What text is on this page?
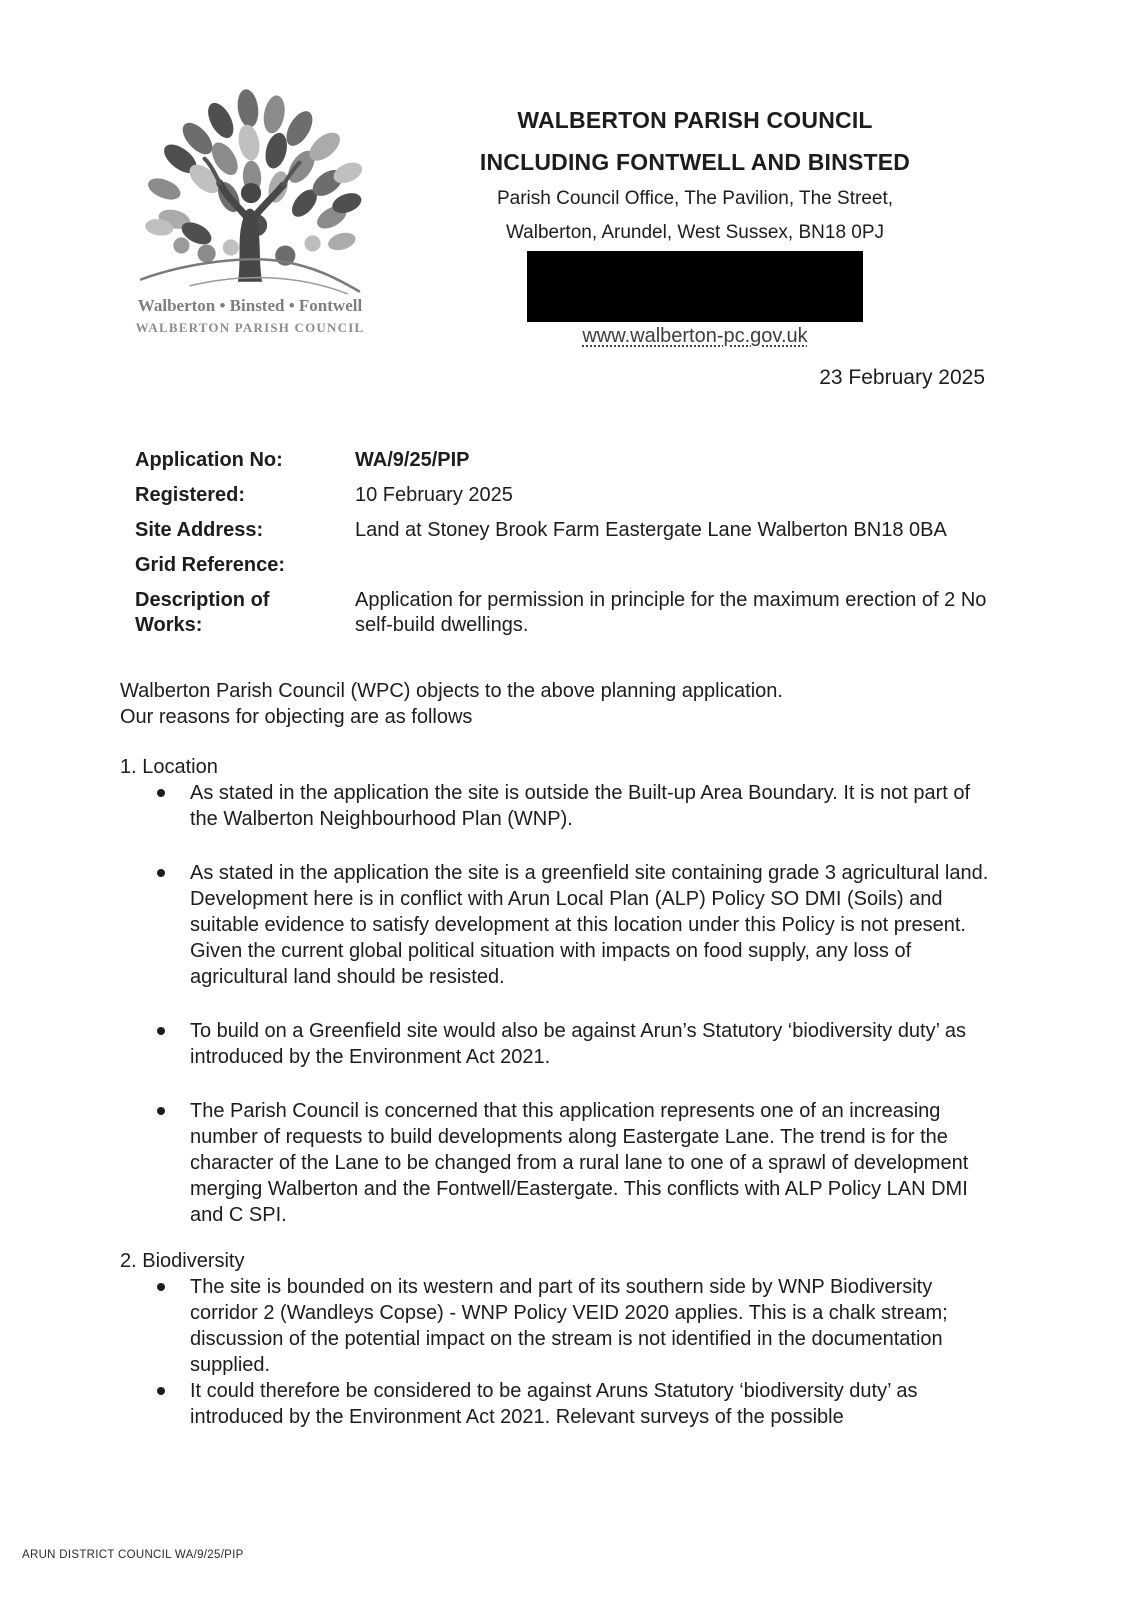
Walberton • Binsted • Fontwell
WALBERTON PARISH COUNCIL
WALBERTON PARISH COUNCIL
INCLUDING FONTWELL AND BINSTED
Parish Council Office, The Pavilion, The Street,
Walberton, Arundel, West Sussex, BN18 0PJ
www.walberton-pc.gov.uk
23 February 2025
Application No:	WA/9/25/PIP
Registered:	10 February 2025
Site Address:	Land at Stoney Brook Farm Eastergate Lane Walberton BN18 0BA
Grid Reference:
Description of Works:
Application for permission in principle for the maximum erection of 2 No self-build dwellings.
Walberton Parish Council (WPC) objects to the above planning application.
Our reasons for objecting are as follows
1. Location
As stated in the application the site is outside the Built-up Area Boundary. It is not part of the Walberton Neighbourhood Plan (WNP).
As stated in the application the site is a greenfield site containing grade 3 agricultural land. Development here is in conflict with Arun Local Plan (ALP) Policy SO DMI (Soils) and suitable evidence to satisfy development at this location under this Policy is not present. Given the current global political situation with impacts on food supply, any loss of agricultural land should be resisted.
To build on a Greenfield site would also be against Arun’s Statutory ‘biodiversity duty’ as introduced by the Environment Act 2021.
The Parish Council is concerned that this application represents one of an increasing number of requests to build developments along Eastergate Lane. The trend is for the character of the Lane to be changed from a rural lane to one of a sprawl of development merging Walberton and the Fontwell/Eastergate. This conflicts with ALP Policy LAN DMI and C SPI.
2. Biodiversity
The site is bounded on its western and part of its southern side by WNP Biodiversity corridor 2 (Wandleys Copse) - WNP Policy VEID 2020 applies. This is a chalk stream; discussion of the potential impact on the stream is not identified in the documentation supplied.
It could therefore be considered to be against Aruns Statutory ‘biodiversity duty’ as introduced by the Environment Act 2021. Relevant surveys of the possible
ARUN DISTRICT COUNCIL WA/9/25/PIP
